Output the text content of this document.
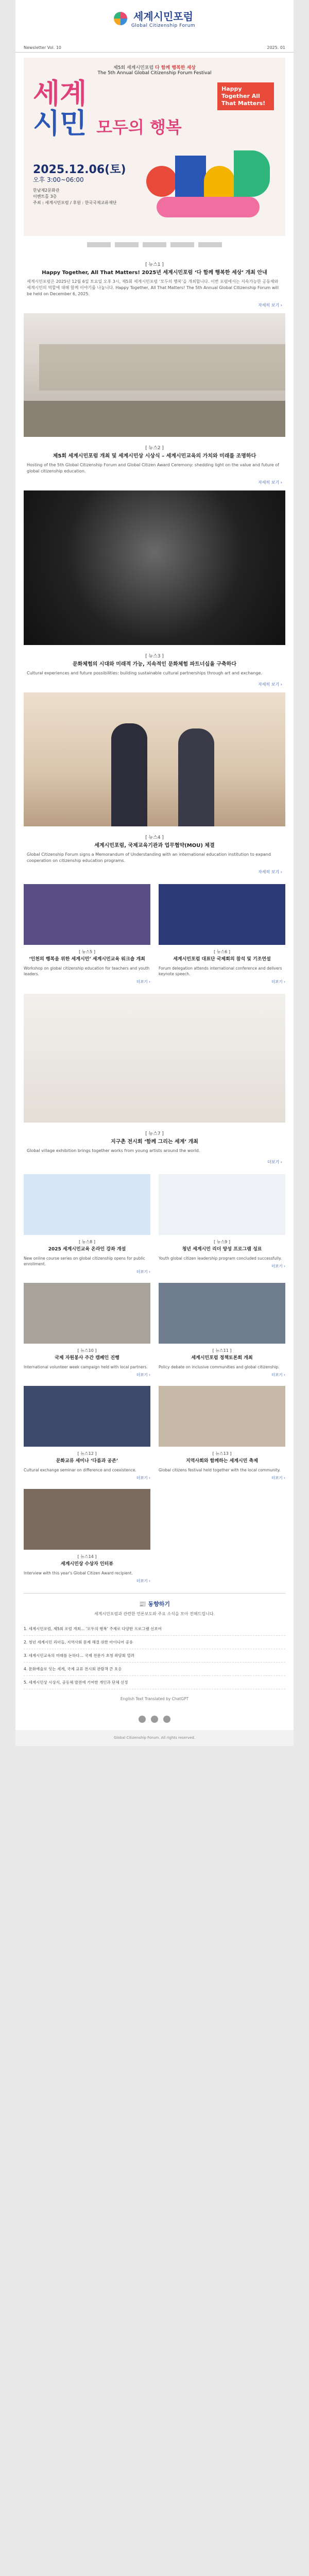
세계시민포럼
Global Citizenship Forum
Newsletter Vol. 10	2025. 01
제5회 세계시민포럼 다 함께 행복한 세상
The 5th Annual Global Citizenship Forum Festival
세계
시민 모두의 행복
Happy Together All That Matters!
2025.12.06(토)
오후 3:00~06:00
한남제2문화관
이벤트홀 3층
주최 : 세계시민포럼 / 후원 : 한국국제교류재단
[ 뉴스1 ]
Happy Together, All That Matters! 2025년 세계시민포럼 ‘다 함께 행복한 세상’ 개최 안내
세계시민포럼은 2025년 12월 6일 토요일 오후 3시, 제5회 세계시민포럼 ‘모두의 행복’을 개최합니다. 이번 포럼에서는 지속가능한 공동체와 세계시민의 역할에 대해 함께 이야기를 나눕니다. Happy Together, All That Matters! The 5th Annual Global Citizenship Forum will be held on December 6, 2025.
자세히 보기 ›
[ 뉴스2 ]
제5회 세계시민포럼 개최 및 세계시민상 시상식 – 세계시민교육의 가치와 미래를 조명하다
Hosting of the 5th Global Citizenship Forum and Global Citizen Award Ceremony: shedding light on the value and future of global citizenship education.
자세히 보기 ›
[ 뉴스3 ]
문화체험의 시대와 미래적 가능, 지속적인 문화체험 파트너십을 구축하다
Cultural experiences and future possibilities: building sustainable cultural partnerships through art and exchange.
자세히 보기 ›
[ 뉴스4 ]
세계시민포럼, 국제교육기관과 업무협약(MOU) 체결
Global Citizenship Forum signs a Memorandum of Understanding with an international education institution to expand cooperation on citizenship education programs.
자세히 보기 ›
[ 뉴스5 ]
‘인천의 행복을 위한 세계시민’ 세계시민교육 워크숍 개최
Workshop on global citizenship education for teachers and youth leaders.
더보기 ›
[ 뉴스6 ]
세계시민포럼 대표단 국제회의 참석 및 기조연설
Forum delegation attends international conference and delivers keynote speech.
더보기 ›
[ 뉴스7 ]
지구촌 전시회 ‘함께 그리는 세계’ 개최
Global village exhibition brings together works from young artists around the world.
더보기 ›
[ 뉴스8 ]
2025 세계시민교육 온라인 강좌 개설
New online course series on global citizenship opens for public enrollment.
더보기 ›
[ 뉴스9 ]
청년 세계시민 리더 양성 프로그램 성료
Youth global citizen leadership program concluded successfully.
더보기 ›
[ 뉴스10 ]
국제 자원봉사 주간 캠페인 진행
International volunteer week campaign held with local partners.
더보기 ›
[ 뉴스11 ]
세계시민포럼 정책토론회 개최
Policy debate on inclusive communities and global citizenship.
더보기 ›
[ 뉴스12 ]
문화교류 세미나 ‘다름과 공존’
Cultural exchange seminar on difference and coexistence.
더보기 ›
[ 뉴스13 ]
지역사회와 함께하는 세계시민 축제
Global citizens festival held together with the local community.
더보기 ›
[ 뉴스14 ]
세계시민상 수상자 인터뷰
Interview with this year's Global Citizen Award recipient.
더보기 ›
📰 동향하기
세계시민포럼과 관련한 언론보도와 주요 소식을 모아 전해드립니다.
1. 세계시민포럼, 제5회 포럼 개최… ‘모두의 행복’ 주제로 다양한 프로그램 선보여
2. 청년 세계시민 리더들, 지역사회 문제 해결 위한 아이디어 공유
3. 세계시민교육의 미래를 논하다… 국제 전문가 초청 좌담회 열려
4. 문화예술로 잇는 세계, 국제 교류 전시회 관람객 큰 호응
5. 세계시민상 시상식, 공동체 발전에 기여한 개인과 단체 선정
English Text Translated by ChatGPT
Global Citizenship Forum. All rights reserved.
